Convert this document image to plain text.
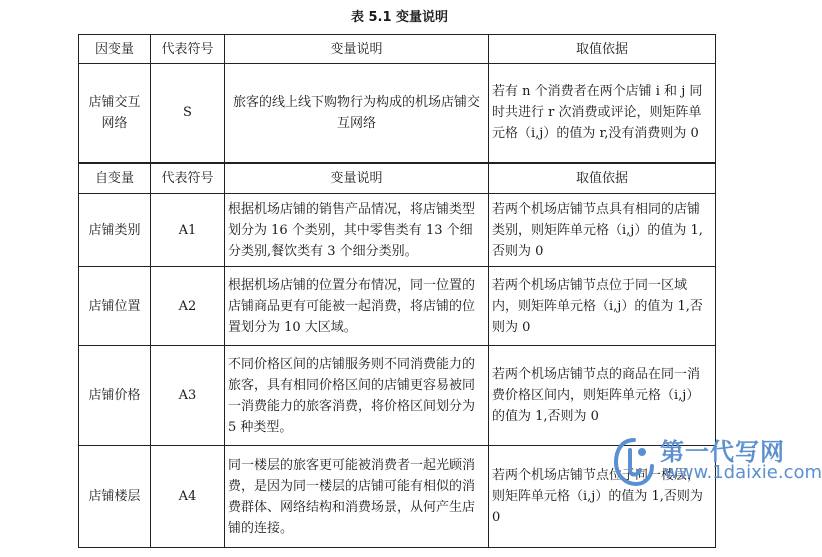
表 5.1 变量说明
因变量	代表符号	变量说明	取值依据
店铺交互网络	S	旅客的线上线下购物行为构成的机场店铺交互网络	若有 n 个消费者在两个店铺 i 和 j 同时共进行 r 次消费或评论，则矩阵单元格（i,j）的值为 r,没有消费则为 0
自变量	代表符号	变量说明	取值依据
店铺类别	A1	根据机场店铺的销售产品情况，将店铺类型划分为 16 个类别，其中零售类有 13 个细分类别,餐饮类有 3 个细分类别。	若两个机场店铺节点具有相同的店铺类别，则矩阵单元格（i,j）的值为 1,否则为 0
店铺位置	A2	根据机场店铺的位置分布情况，同一位置的店铺商品更有可能被一起消费，将店铺的位置划分为 10 大区域。	若两个机场店铺节点位于同一区域内，则矩阵单元格（i,j）的值为 1,否则为 0
店铺价格	A3	不同价格区间的店铺服务则不同消费能力的旅客，具有相同价格区间的店铺更容易被同一消费能力的旅客消费，将价格区间划分为 5 种类型。	若两个机场店铺节点的商品在同一消费价格区间内，则矩阵单元格（i,j）的值为 1,否则为 0
店铺楼层	A4	同一楼层的旅客更可能被消费者一起光顾消费，是因为同一楼层的店铺可能有相似的消费群体、网络结构和消费场景，从何产生店铺的连接。	若两个机场店铺节点位于同一楼层，则矩阵单元格（i,j）的值为 1,否则为 0
第一代写网
www.1daixie.com
